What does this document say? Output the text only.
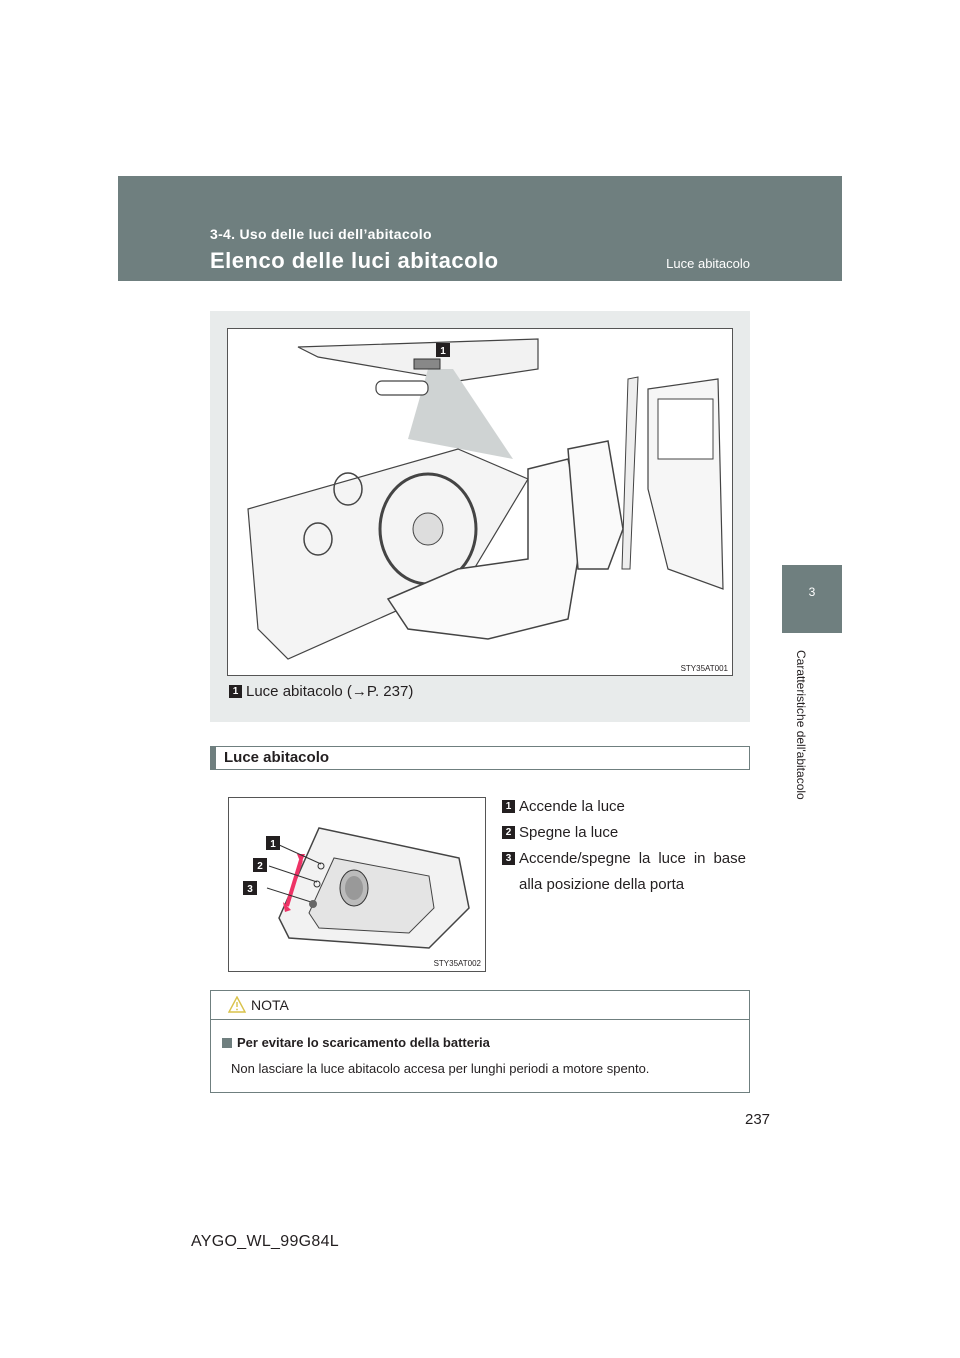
3-4. Uso delle luci dell’abitacolo
Elenco delle luci abitacolo	Luce abitacolo
3
Caratteristiche dell'abitacolo
1
STY35AT001
1 Luce abitacolo (→P. 237)
Luce abitacolo
1
2
3
STY35AT002
1 Accende la luce
2 Spegne la luce
3 Accende/spegne la luce in base alla posizione della porta
NOTA
Per evitare lo scaricamento della batteria
Non lasciare la luce abitacolo accesa per lunghi periodi a motore spento.
237
AYGO_WL_99G84L
